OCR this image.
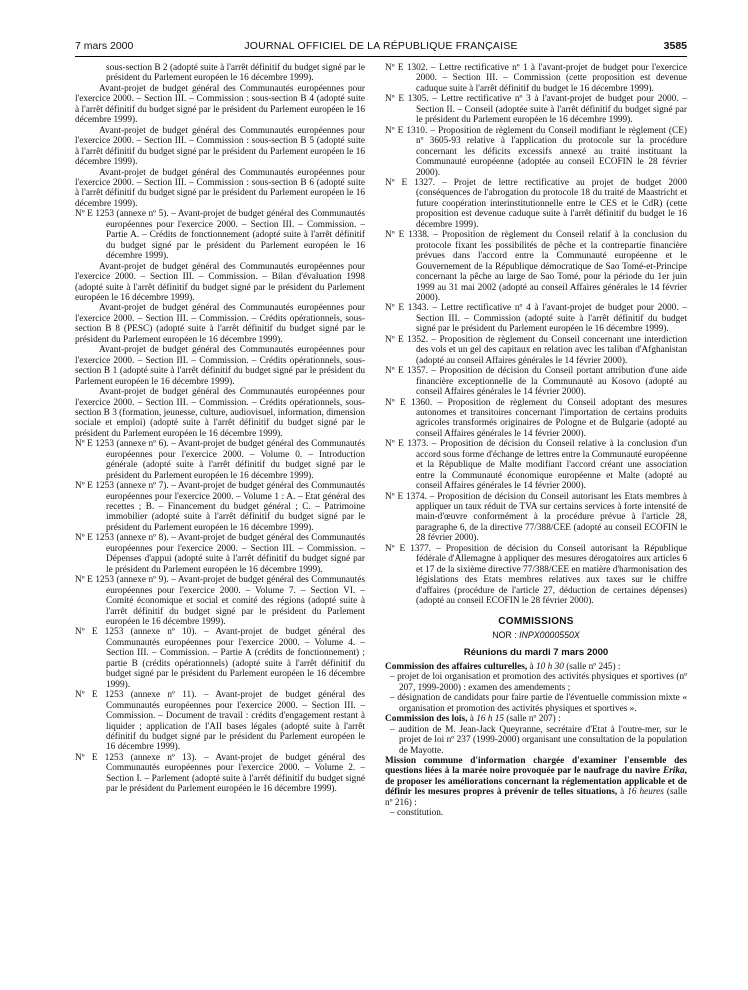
7 mars 2000	JOURNAL OFFICIEL DE LA RÉPUBLIQUE FRANÇAISE	3585

sous-section B 2 (adopté suite à l'arrêt définitif du budget signé par le président du Parlement européen le 16 décembre 1999).

Avant-projet de budget général des Communautés européennes pour l'exercice 2000. – Section III. – Commission : sous-section B 4 (adopté suite à l'arrêt définitif du budget signé par le président du Parlement européen le 16 décembre 1999).

Avant-projet de budget général des Communautés européennes pour l'exercice 2000. – Section III. – Commission : sous-section B 5 (adopté suite à l'arrêt définitif du budget signé par le président du Parlement européen le 16 décembre 1999).

Avant-projet de budget général des Communautés européennes pour l'exercice 2000. – Section III. – Commission : sous-section B 6 (adopté suite à l'arrêt définitif du budget signé par le président du Parlement européen le 16 décembre 1999).

Nº E 1253 (annexe nº 5). – Avant-projet de budget général des Communautés européennes pour l'exercice 2000. – Section III. – Commission. – Partie A. – Crédits de fonctionnement (adopté suite à l'arrêt définitif du budget signé par le président du Parlement européen le 16 décembre 1999).

Avant-projet de budget général des Communautés européennes pour l'exercice 2000. – Section III. – Commission. – Bilan d'évaluation 1998 (adopté suite à l'arrêt définitif du budget signé par le président du Parlement européen le 16 décembre 1999).

Avant-projet de budget général des Communautés européennes pour l'exercice 2000. – Section III. – Commission. – Crédits opérationnels, sous-section B 8 (PESC) (adopté suite à l'arrêt définitif du budget signé par le président du Parlement européen le 16 décembre 1999).

Avant-projet de budget général des Communautés européennes pour l'exercice 2000. – Section III. – Commission. – Crédits opérationnels, sous-section B 1 (adopté suite à l'arrêt définitif du budget signé par le président du Parlement européen le 16 décembre 1999).

Avant-projet de budget général des Communautés européennes pour l'exercice 2000. – Section III. – Commission. – Crédits opérationnels, sous-section B 3 (formation, jeunesse, culture, audiovisuel, information, dimension sociale et emploi) (adopté suite à l'arrêt définitif du budget signé par le président du Parlement européen le 16 décembre 1999).

Nº E 1253 (annexe nº 6). – Avant-projet de budget général des Communautés européennes pour l'exercice 2000. – Volume 0. – Introduction générale (adopté suite à l'arrêt définitif du budget signé par le président du Parlement européen le 16 décembre 1999).

Nº E 1253 (annexe nº 7). – Avant-projet de budget général des Communautés européennes pour l'exercice 2000. – Volume 1 : A. – Etat général des recettes ; B. – Financement du budget général ; C. – Patrimoine immobilier (adopté suite à l'arrêt définitif du budget signé par le président du Parlement européen le 16 décembre 1999).

Nº E 1253 (annexe nº 8). – Avant-projet de budget général des Communautés européennes pour l'exercice 2000. – Section III. – Commission. – Dépenses d'appui (adopté suite à l'arrêt définitif du budget signé par le président du Parlement européen le 16 décembre 1999).

Nº E 1253 (annexe nº 9). – Avant-projet de budget général des Communautés européennes pour l'exercice 2000. – Volume 7. – Section VI. – Comité économique et social et comité des régions (adopté suite à l'arrêt définitif du budget signé par le président du Parlement européen le 16 décembre 1999).

Nº E 1253 (annexe nº 10). – Avant-projet de budget général des Communautés européennes pour l'exercice 2000. – Volume 4. – Section III. – Commission. – Partie A (crédits de fonctionnement) ; partie B (crédits opérationnels) (adopté suite à l'arrêt définitif du budget signé par le président du Parlement européen le 16 décembre 1999).

Nº E 1253 (annexe nº 11). – Avant-projet de budget général des Communautés européennes pour l'exercice 2000. – Section III. – Commission. – Document de travail : crédits d'engagement restant à liquider ; application de l'AII bases légales (adopté suite à l'arrêt définitif du budget signé par le président du Parlement européen le 16 décembre 1999).

Nº E 1253 (annexe nº 13). – Avant-projet de budget général des Communautés européennes pour l'exercice 2000. – Volume 2. – Section I. – Parlement (adopté suite à l'arrêt définitif du budget signé par le président du Parlement européen le 16 décembre 1999).

Nº E 1302. – Lettre rectificative nº 1 à l'avant-projet de budget pour l'exercice 2000. – Section III. – Commission (cette proposition est devenue caduque suite à l'arrêt définitif du budget le 16 décembre 1999).

Nº E 1305. – Lettre rectificative nº 3 à l'avant-projet de budget pour 2000. – Section II. – Conseil (adoptée suite à l'arrêt définitif du budget signé par le président du Parlement européen le 16 décembre 1999).

Nº E 1310. – Proposition de règlement du Conseil modifiant le règlement (CE) nº 3605-93 relative à l'application du protocole sur la procédure concernant les déficits excessifs annexé au traité instituant la Communauté européenne (adoptée au conseil ECOFIN le 28 février 2000).

Nº E 1327. – Projet de lettre rectificative au projet de budget 2000 (conséquences de l'abrogation du protocole 18 du traité de Maastricht et future coopération interinstitutionnelle entre le CES et le CdR) (cette proposition est devenue caduque suite à l'arrêt définitif du budget le 16 décembre 1999).

Nº E 1338. – Proposition de règlement du Conseil relatif à la conclusion du protocole fixant les possibilités de pêche et la contrepartie financière prévues dans l'accord entre la Communauté européenne et le Gouvernement de la République démocratique de Sao Tomé-et-Principe concernant la pêche au large de Sao Tomé, pour la période du 1er juin 1999 au 31 mai 2002 (adopté au conseil Affaires générales le 14 février 2000).

Nº E 1343. – Lettre rectificative nº 4 à l'avant-projet de budget pour 2000. – Section III. – Commission (adopté suite à l'arrêt définitif du budget signé par le président du Parlement européen le 16 décembre 1999).

Nº E 1352. – Proposition de règlement du Conseil concernant une interdiction des vols et un gel des capitaux en relation avec les taliban d'Afghanistan (adopté au conseil Affaires générales le 14 février 2000).

Nº E 1357. – Proposition de décision du Conseil portant attribution d'une aide financière exceptionnelle de la Communauté au Kosovo (adopté au conseil Affaires générales le 14 février 2000).

Nº E 1360. – Proposition de règlement du Conseil adoptant des mesures autonomes et transitoires concernant l'importation de certains produits agricoles transformés originaires de Pologne et de Bulgarie (adopté au conseil Affaires générales le 14 février 2000).

Nº E 1373. – Proposition de décision du Conseil relative à la conclusion d'un accord sous forme d'échange de lettres entre la Communauté européenne et la République de Malte modifiant l'accord créant une association entre la Communauté économique européenne et Malte (adopté au conseil Affaires générales le 14 février 2000).

Nº E 1374. – Proposition de décision du Conseil autorisant les Etats membres à appliquer un taux réduit de TVA sur certains services à forte intensité de main-d'œuvre conformément à la procédure prévue à l'article 28, paragraphe 6, de la directive 77/388/CEE (adopté au conseil ECOFIN le 28 février 2000).

Nº E 1377. – Proposition de décision du Conseil autorisant la République fédérale d'Allemagne à appliquer des mesures dérogatoires aux articles 6 et 17 de la sixième directive 77/388/CEE en matière d'harmonisation des législations des Etats membres relatives aux taxes sur le chiffre d'affaires (procédure de l'article 27, déduction de certaines dépenses) (adopté au conseil ECOFIN le 28 février 2000).

COMMISSIONS

NOR : INPX0000550X

Réunions du mardi 7 mars 2000

Commission des affaires culturelles, à 10 h 30 (salle nº 245) :

– projet de loi organisation et promotion des activités physiques et sportives (nº 207, 1999-2000) : examen des amendements ;

– désignation de candidats pour faire partie de l'éventuelle commission mixte « organisation et promotion des activités physiques et sportives ».

Commission des lois, à 16 h 15 (salle nº 207) :

– audition de M. Jean-Jack Queyranne, secrétaire d'Etat à l'outre-mer, sur le projet de loi nº 237 (1999-2000) organisant une consultation de la population de Mayotte.

Mission commune d'information chargée d'examiner l'ensemble des questions liées à la marée noire provoquée par le naufrage du navire Erika, de proposer les améliorations concernant la réglementation applicable et de définir les mesures propres à prévenir de telles situations, à 16 heures (salle nº 216) :

– constitution.
